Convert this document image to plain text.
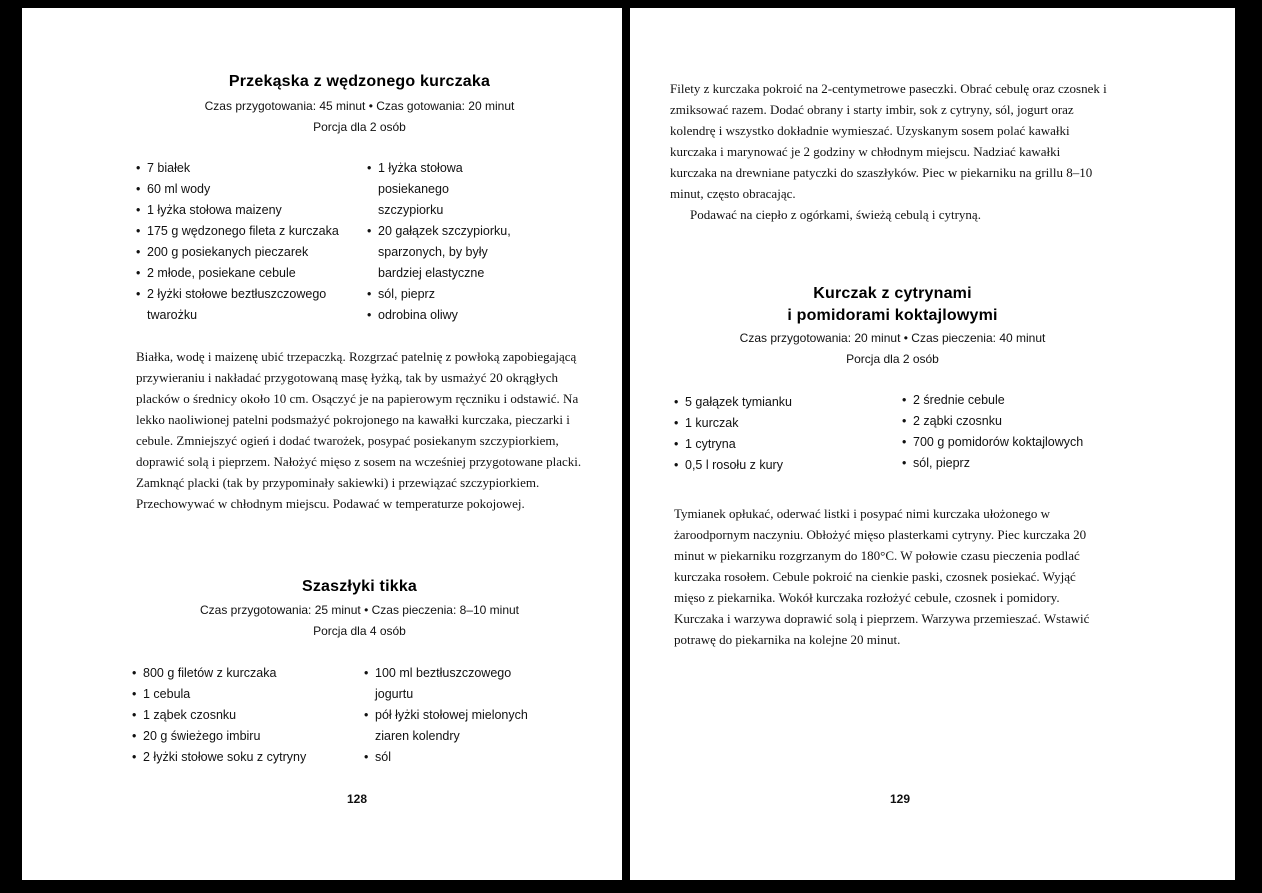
Przekąska z wędzonego kurczaka
Czas przygotowania: 45 minut • Czas gotowania: 20 minut
Porcja dla 2 osób
• 7 białek
• 60 ml wody
• 1 łyżka stołowa maizeny
• 175 g wędzonego fileta z kurczaka
• 200 g posiekanych pieczarek
• 2 młode, posiekane cebule
• 2 łyżki stołowe beztłuszczowego twarożku
• 1 łyżka stołowa posiekanego szczypiorku
• 20 gałązek szczypiorku, sparzonych, by były bardziej elastyczne
• sól, pieprz
• odrobina oliwy
Białka, wodę i maizenę ubić trzepaczką. Rozgrzać patelnię z powłoką zapobiegającą przywieraniu i nakładać przygotowaną masę łyżką, tak by usmażyć 20 okrągłych placków o średnicy około 10 cm. Osączyć je na papierowym ręczniku i odstawić. Na lekko naoliwionej patelni podsmażyć pokrojonego na kawałki kurczaka, pieczarki i cebule. Zmniejszyć ogień i dodać twarożek, posypać posiekanym szczypiorkiem, doprawić solą i pieprzem. Nałożyć mięso z sosem na wcześniej przygotowane placki. Zamknąć placki (tak by przypominały sakiewki) i przewiązać szczypiorkiem. Przechowywać w chłodnym miejscu. Podawać w temperaturze pokojowej.
Szaszłyki tikka
Czas przygotowania: 25 minut • Czas pieczenia: 8–10 minut
Porcja dla 4 osób
• 800 g filetów z kurczaka
• 1 cebula
• 1 ząbek czosnku
• 20 g świeżego imbiru
• 2 łyżki stołowe soku z cytryny
• 100 ml beztłuszczowego jogurtu
• pół łyżki stołowej mielonych ziaren kolendry
• sól
128

Filety z kurczaka pokroić na 2-centymetrowe paseczki. Obrać cebulę oraz czosnek i zmiksować razem. Dodać obrany i starty imbir, sok z cytryny, sól, jogurt oraz kolendrę i wszystko dokładnie wymieszać. Uzyskanym sosem polać kawałki kurczaka i marynować je 2 godziny w chłodnym miejscu. Nadziać kawałki kurczaka na drewniane patyczki do szaszłyków. Piec w piekarniku na grillu 8–10 minut, często obracając.

Podawać na ciepło z ogórkami, świeżą cebulą i cytryną.

Kurczak z cytrynami
i pomidorami koktajlowymi
Czas przygotowania: 20 minut • Czas pieczenia: 40 minut
Porcja dla 2 osób
• 5 gałązek tymianku
• 1 kurczak
• 1 cytryna
• 0,5 l rosołu z kury
• 2 średnie cebule
• 2 ząbki czosnku
• 700 g pomidorów koktajlowych
• sól, pieprz
Tymianek opłukać, oderwać listki i posypać nimi kurczaka ułożonego w żaroodpornym naczyniu. Obłożyć mięso plasterkami cytryny. Piec kurczaka 20 minut w piekarniku rozgrzanym do 180°C. W połowie czasu pieczenia podlać kurczaka rosołem. Cebule pokroić na cienkie paski, czosnek posiekać. Wyjąć mięso z piekarnika. Wokół kurczaka rozłożyć cebule, czosnek i pomidory. Kurczaka i warzywa doprawić solą i pieprzem. Warzywa przemieszać. Wstawić potrawę do piekarnika na kolejne 20 minut.
129
